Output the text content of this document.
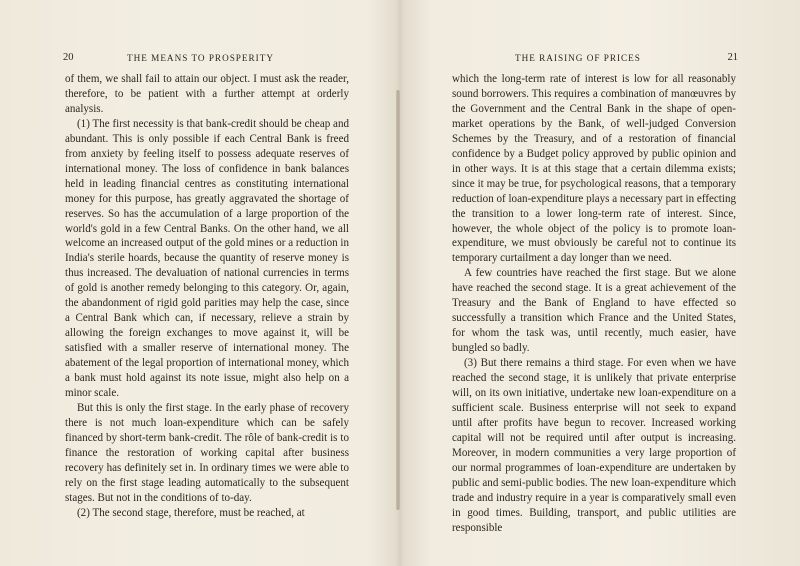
20	THE MEANS TO PROSPERITY

of them, we shall fail to attain our object. I must ask the reader, therefore, to be patient with a further attempt at orderly analysis.

(1) The first necessity is that bank-credit should be cheap and abundant. This is only possible if each Central Bank is freed from anxiety by feeling itself to possess adequate reserves of international money. The loss of confidence in bank balances held in leading financial centres as constituting international money for this purpose, has greatly aggravated the shortage of reserves. So has the accumulation of a large proportion of the world's gold in a few Central Banks. On the other hand, we all welcome an increased output of the gold mines or a reduction in India's sterile hoards, because the quantity of reserve money is thus increased. The devaluation of national currencies in terms of gold is another remedy belonging to this category. Or, again, the abandonment of rigid gold parities may help the case, since a Central Bank which can, if necessary, relieve a strain by allowing the foreign exchanges to move against it, will be satisfied with a smaller reserve of international money. The abatement of the legal proportion of international money, which a bank must hold against its note issue, might also help on a minor scale.

But this is only the first stage. In the early phase of recovery there is not much loan-expenditure which can be safely financed by short-term bank-credit. The rôle of bank-credit is to finance the restoration of working capital after business recovery has definitely set in. In ordinary times we were able to rely on the first stage leading automatically to the subsequent stages. But not in the conditions of to-day.

(2) The second stage, therefore, must be reached, at

THE RAISING OF PRICES	21

which the long-term rate of interest is low for all reasonably sound borrowers. This requires a combination of manœuvres by the Government and the Central Bank in the shape of open-market operations by the Bank, of well-judged Conversion Schemes by the Treasury, and of a restoration of financial confidence by a Budget policy approved by public opinion and in other ways. It is at this stage that a certain dilemma exists; since it may be true, for psychological reasons, that a temporary reduction of loan-expenditure plays a necessary part in effecting the transition to a lower long-term rate of interest. Since, however, the whole object of the policy is to promote loan-expenditure, we must obviously be careful not to continue its temporary curtailment a day longer than we need.

A few countries have reached the first stage. But we alone have reached the second stage. It is a great achievement of the Treasury and the Bank of England to have effected so successfully a transition which France and the United States, for whom the task was, until recently, much easier, have bungled so badly.

(3) But there remains a third stage. For even when we have reached the second stage, it is unlikely that private enterprise will, on its own initiative, undertake new loan-expenditure on a sufficient scale. Business enterprise will not seek to expand until after profits have begun to recover. Increased working capital will not be required until after output is increasing. Moreover, in modern communities a very large proportion of our normal programmes of loan-expenditure are undertaken by public and semi-public bodies. The new loan-expenditure which trade and industry require in a year is comparatively small even in good times. Building, transport, and public utilities are responsible
